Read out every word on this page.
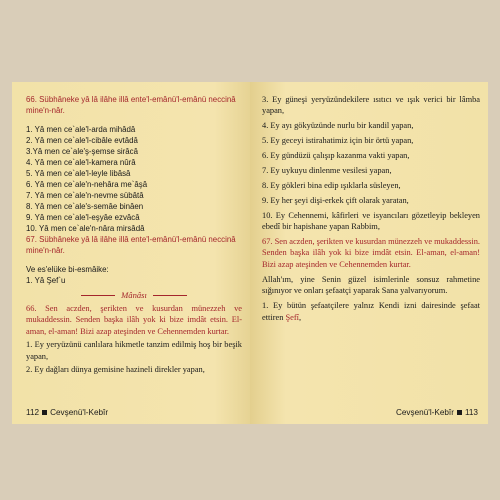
66. Sübhâneke yâ lâ ilâhe illâ ente'l-emânü'l-emânü neccinâ mine'n-nâr.

1. Yâ men ce`ale'l-arda mihâdâ

2. Yâ men ce`ale'l-cibâle evtâdâ

3.Yâ men ce`ale'ş-şemse sirâcâ

4. Yâ men ce`ale'l-kamera nûrâ

5. Yâ men ce`ale'l-leyle libâsâ

6. Yâ men ce`ale'n-nehâra me`âşâ

7. Yâ men ce`ale'n-nevme sübâtâ

8. Yâ men ce`ale's-semâe binâen

9. Yâ men ce`ale'l-eşyâe ezvâcâ

10. Yâ men ce`ale'n-nâra mirsâdâ

67. Sübhâneke yâ lâ ilâhe illâ ente'l-emânü'l-emânü neccinâ mine'n-nâr.

Ve es'elüke bi-esmâike:

1. Yâ Şef`u

Mânâsı

66. Sen aczden, şerikten ve kusurdan münezzeh ve mukaddessin. Senden başka ilâh yok ki bize imdât etsin. El-aman, el-aman! Bizi azap ateşinden ve Cehennemden kurtar.

1. Ey yeryüzünü canlılara hikmetle tanzim edilmiş hoş bir beşik yapan,

2. Ey dağları dünya gemisine hazineli direkler yapan,

112 Cevşenü'l-Kebîr

3. Ey güneşi yeryüzündekilere ısıtıcı ve ışık verici bir lâmba yapan,

4. Ey ayı gökyüzünde nurlu bir kandil yapan,

5. Ey geceyi istirahatimiz için bir örtü yapan,

6. Ey gündüzü çalışıp kazanma vakti yapan,

7. Ey uykuyu dinlenme vesilesi yapan,

8. Ey gökleri bina edip ışıklarla süsleyen,

9. Ey her şeyi dişi-erkek çift olarak yaratan,

10. Ey Cehennemi, kâfirleri ve isyancıları gözetleyip bekleyen ebedî bir hapishane yapan Rabbim,

67. Sen aczden, şerikten ve kusurdan münezzeh ve mukaddessin. Senden başka ilâh yok ki bize imdât etsin. El-aman, el-aman! Bizi azap ateşinden ve Cehennemden kurtar.

Allah'ım, yine Senin güzel isimlerinle sonsuz rahmetine sığınıyor ve onları şefaatçi yaparak Sana yalvarıyorum.

1. Ey bütün şefaatçilere yalnız Kendi izni dairesinde şefaat ettiren Şefî,

Cevşenü'l-Kebîr 113
